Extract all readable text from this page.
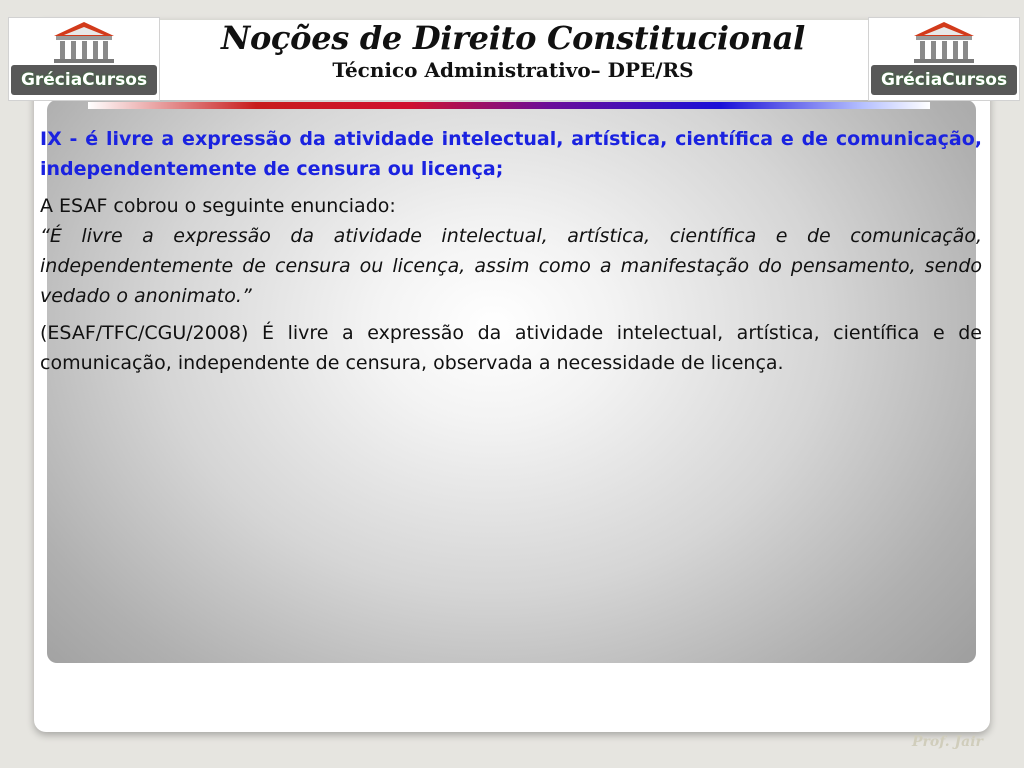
GréciaCursos	GréciaCursos
Noções de Direito Constitucional
Técnico Administrativo– DPE/RS

IX - é livre a expressão da atividade intelectual, artística, científica e de comunicação, independentemente de censura ou licença;

A ESAF cobrou o seguinte enunciado:
“É livre a expressão da atividade intelectual, artística, científica e de comunicação, independentemente de censura ou licença, assim como a manifestação do pensamento, sendo vedado o anonimato.”

(ESAF/TFC/CGU/2008) É livre a expressão da atividade intelectual, artística, científica e de comunicação, independente de censura, observada a necessidade de licença.

Prof. Jair
